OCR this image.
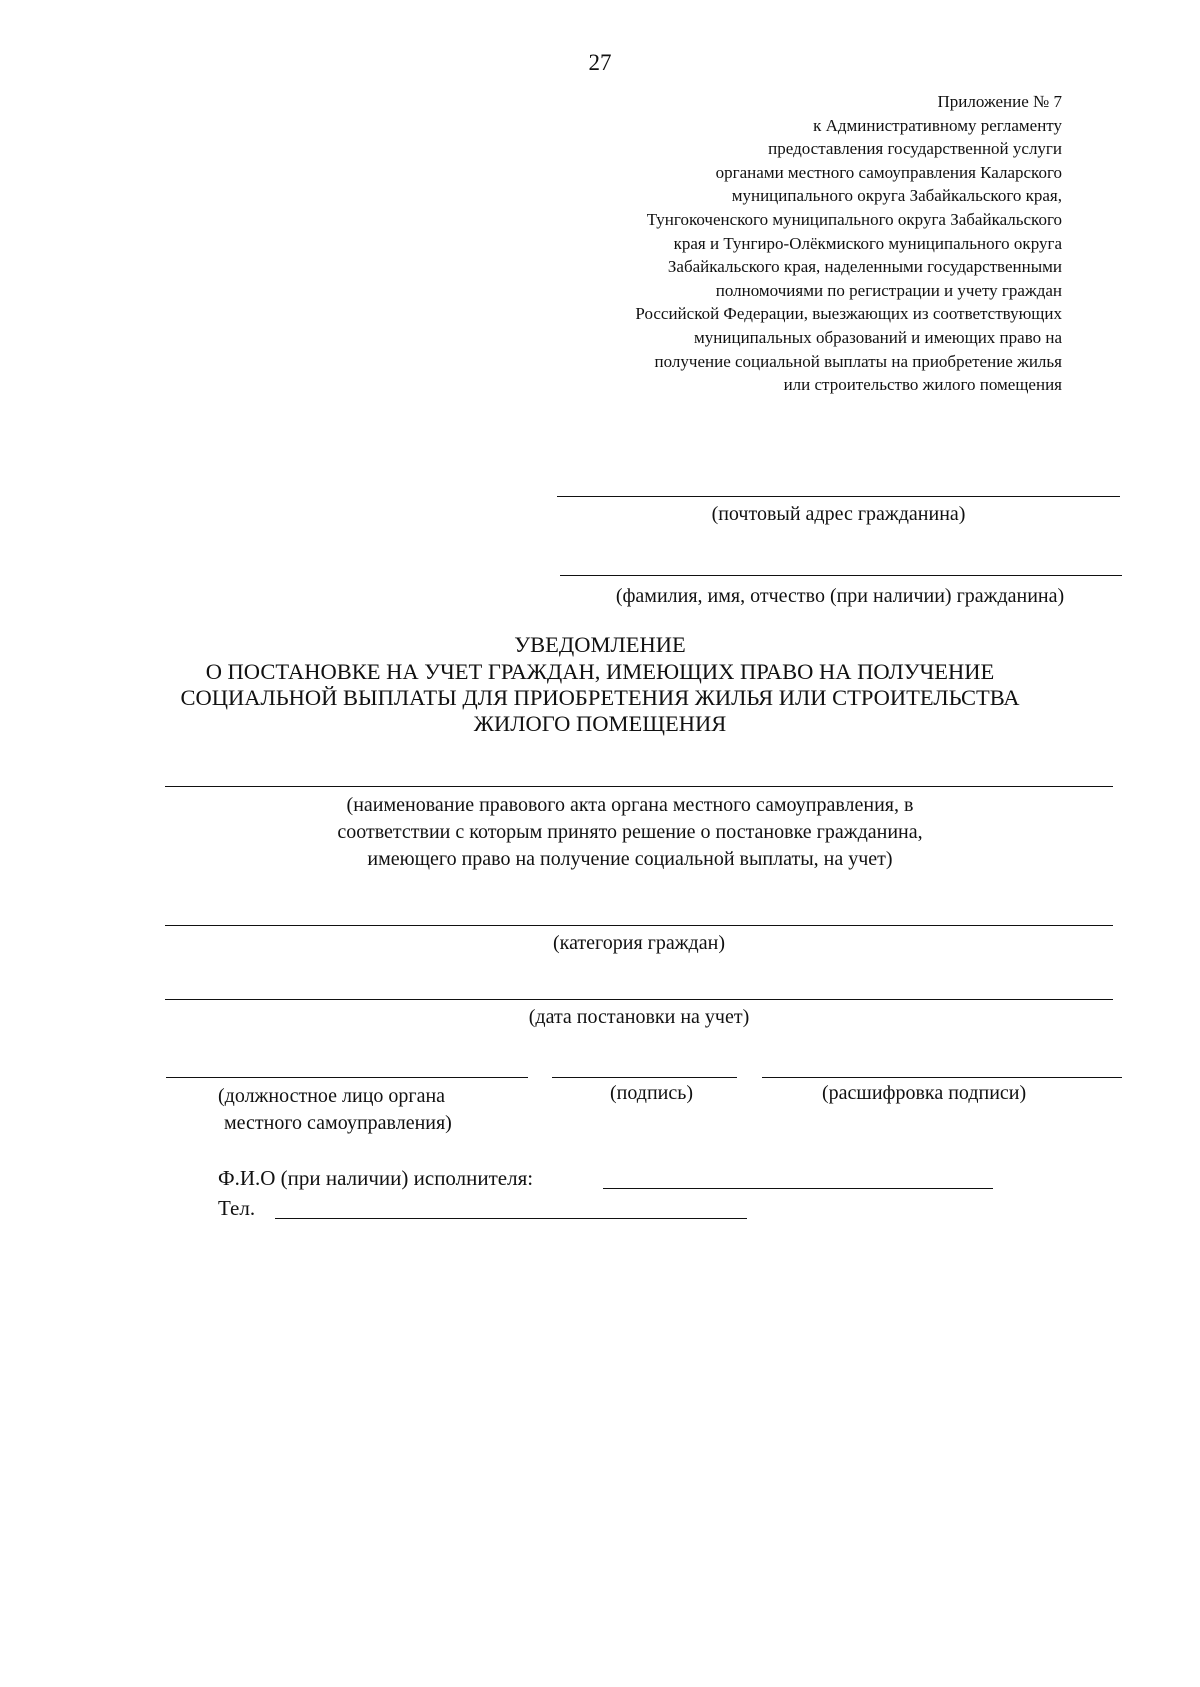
27
Приложение № 7
к Административному регламенту
предоставления государственной услуги
органами местного самоуправления Каларского
муниципального округа Забайкальского края,
Тунгокоченского муниципального округа Забайкальского
края и Тунгиро-Олёкмиского муниципального округа
Забайкальского края, наделенными государственными
полномочиями по регистрации и учету граждан
Российской Федерации, выезжающих из соответствующих
муниципальных образований и имеющих право на
получение социальной выплаты на приобретение жилья
или строительство жилого помещения
(почтовый адрес гражданина)
(фамилия, имя, отчество (при наличии) гражданина)
УВЕДОМЛЕНИЕ
О ПОСТАНОВКЕ НА УЧЕТ ГРАЖДАН, ИМЕЮЩИХ ПРАВО НА ПОЛУЧЕНИЕ
СОЦИАЛЬНОЙ ВЫПЛАТЫ ДЛЯ ПРИОБРЕТЕНИЯ ЖИЛЬЯ ИЛИ СТРОИТЕЛЬСТВА
ЖИЛОГО ПОМЕЩЕНИЯ
(наименование правового акта органа местного самоуправления, в
соответствии с которым принято решение о постановке гражданина,
имеющего право на получение социальной выплаты, на учет)
(категория граждан)
(дата постановки на учет)
(должностное лицо органа
местного самоуправления)
(подпись)	(расшифровка подписи)
Ф.И.О (при наличии) исполнителя:
Тел.
